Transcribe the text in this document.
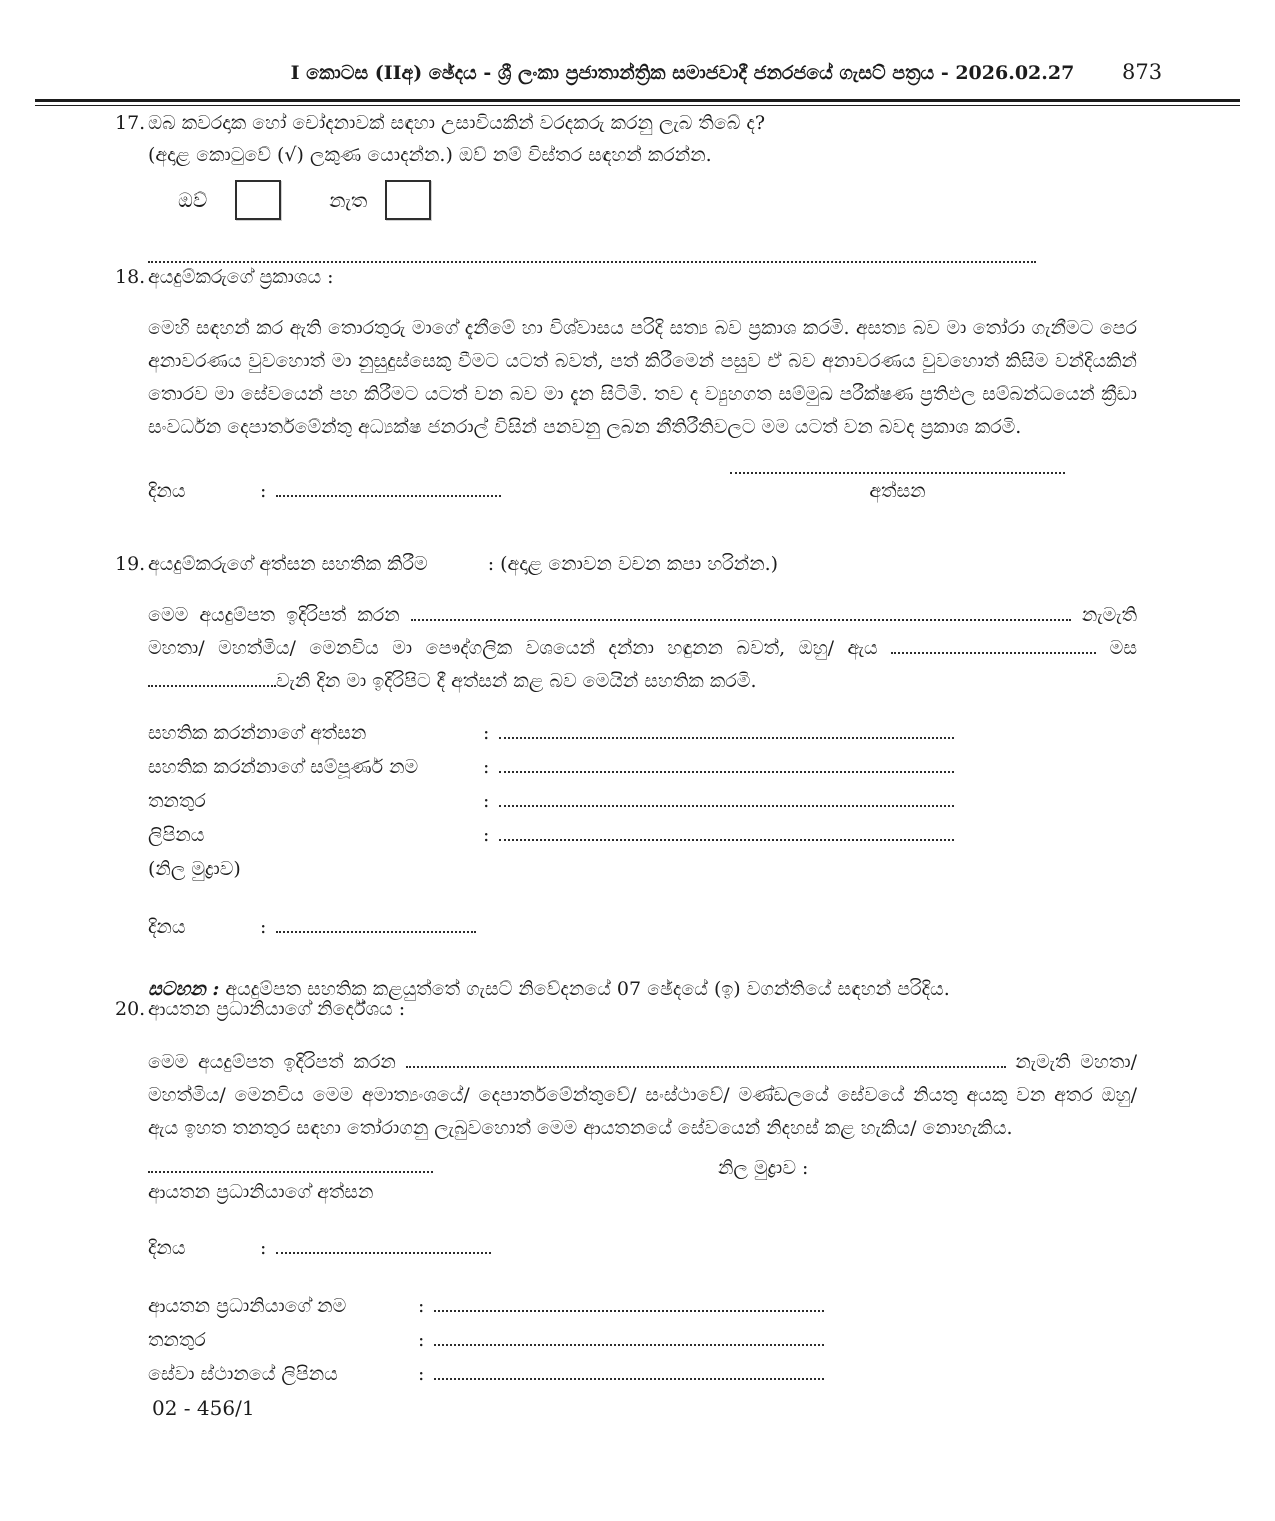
I කොටස (IIඅ) ඡේදය - ශ්‍රී ලංකා ප්‍රජාතාන්ත්‍රික සමාජවාදී ජනරජයේ ගැසට් පත්‍රය - 2026.02.27	873
17. ඔබ කවරදාක හෝ චෝදනාවක් සඳහා උසාවියකින් වරදකරු කරනු ලැබ තිබේ ද?
(අදාළ කොටුවේ (√) ලකුණ යොදන්න.) ඔව් නම් විස්තර සඳහන් කරන්න.
ඔව්	නැත
18. අයදුම්කරුගේ ප්‍රකාශය :

මෙහි සඳහන් කර ඇති තොරතුරු මාගේ දැනීමේ හා විශ්වාසය පරිදි සත්‍ය බව ප්‍රකාශ කරමි. අසත්‍ය බව මා තෝරා ගැනීමට පෙර අනාවරණය වුවහොත් මා නුසුදුස්සෙකු වීමට යටත් බවත්, පත් කිරීමෙන් පසුව ඒ බව අනාවරණය වුවහොත් කිසිම වන්දියකින් තොරව මා සේවයෙන් පහ කිරීමට යටත් වන බව මා දැන සිටිමි. තව ද ව්‍යුහගත සම්මුඛ පරීක්ෂණ ප්‍රතිඵල සම්බන්ධයෙන් ක්‍රීඩා සංවර්ධන දෙපාර්තමේන්තු අධ්‍යක්ෂ ජනරාල් විසින් පනවනු ලබන නීතිරීතිවලට මම යටත් වන බවද ප්‍රකාශ කරමි.

දිනය	:	අත්සන
19. අයදුම්කරුගේ අත්සන සහතික කිරීම	: (අදාළ නොවන වචන කපා හරින්න.)

මෙම අයදුම්පත ඉදිරිපත් කරන	නැමැති මහතා/ මහත්මිය/ මෙනවිය මා පෞද්ගලික වශයෙන් දන්නා හඳුනන බවත්, ඔහු/ ඇය	මස වැනි දින මා ඉදිරිපිට දී අත්සන් කළ බව මෙයින් සහතික කරමි.

සහතික කරන්නාගේ අත්සන	:
සහතික කරන්නාගේ සම්පූර්ණ නම	:
තනතුර	:
ලිපිනය	:
(නිල මුද්‍රාව)
දිනය	:
සටහන : අයදුම්පත සහතික කළයුත්තේ ගැසට් නිවේදනයේ 07 ඡේදයේ (ඉ) වගන්තියේ සඳහන් පරිදිය.
20. ආයතන ප්‍රධානියාගේ නිර්දේශය :

මෙම අයදුම්පත ඉදිරිපත් කරන	නැමැති මහතා/ මහත්මිය/ මෙනවිය මෙම අමාත්‍යංශයේ/ දෙපාර්තමේන්තුවේ/ සංස්ථාවේ/ මණ්ඩලයේ සේවයේ නියතු අයකු වන අතර ඔහු/ ඇය ඉහත තනතුර සඳහා තෝරාගනු ලැබුවහොත් මෙම ආයතනයේ සේවයෙන් නිදහස් කළ හැකිය/ නොහැකිය.

ආයතන ප්‍රධානියාගේ අත්සන
නිල මුද්‍රාව :
දිනය	:
ආයතන ප්‍රධානියාගේ නම	:
තනතුර	:
සේවා ස්ථානයේ ලිපිනය	:
02 - 456/1
